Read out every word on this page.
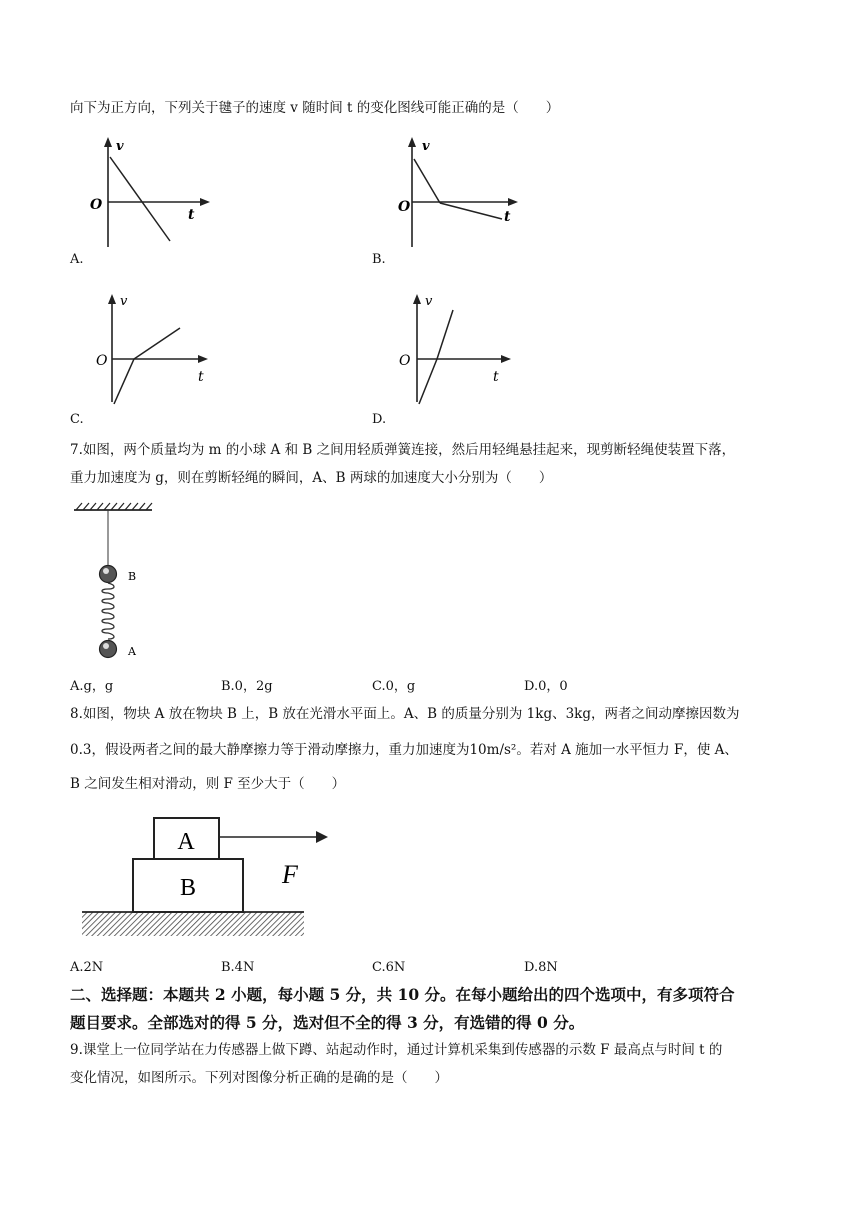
向下为正方向，下列关于毽子的速度 v 随时间 t 的变化图线可能正确的是（　　）
v
O
t
A.
v
O
t
B.
v
O
t
C.
v
O
t
D.
7.如图，两个质量均为 m 的小球 A 和 B 之间用轻质弹簧连接，然后用轻绳悬挂起来，现剪断轻绳使装置下落，
重力加速度为 g，则在剪断轻绳的瞬间，A、B 两球的加速度大小分别为（　　）
B
A
A.g，g	B.0，2g	C.0，g	D.0，0
8.如图，物块 A 放在物块 B 上，B 放在光滑水平面上。A、B 的质量分别为 1kg、3kg，两者之间动摩擦因数为
0.3，假设两者之间的最大静摩擦力等于滑动摩擦力，重力加速度为10m/s²。若对 A 施加一水平恒力 F，使 A、
B 之间发生相对滑动，则 F 至少大于（　　）
A
B	F
A.2N	B.4N	C.6N	D.8N
二、选择题：本题共 2 小题，每小题 5 分，共 10 分。在每小题给出的四个选项中，有多项符合
题目要求。全部选对的得 5 分，选对但不全的得 3 分，有选错的得 0 分。
9.课堂上一位同学站在力传感器上做下蹲、站起动作时，通过计算机采集到传感器的示数 F 最高点与时间 t 的
变化情况，如图所示。下列对图像分析正确的是确的是（　　）
